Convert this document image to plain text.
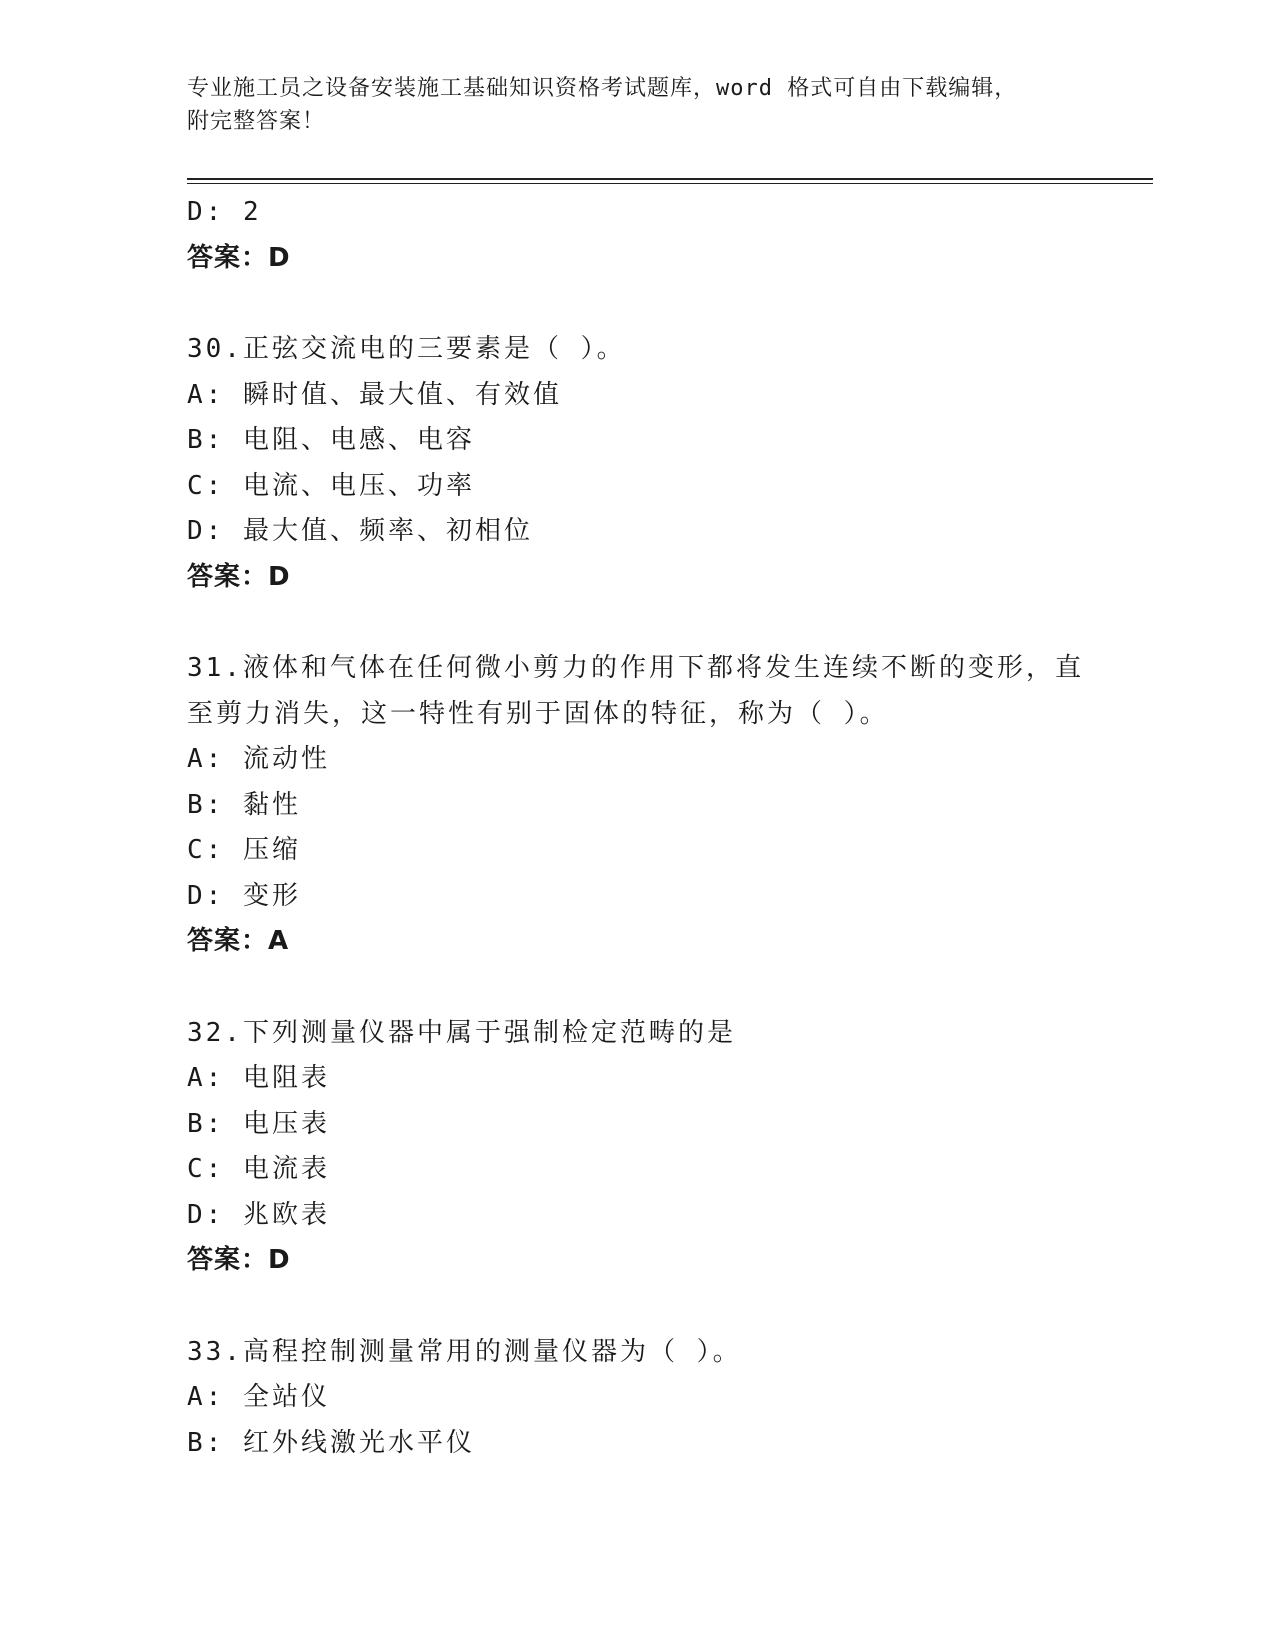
专业施工员之设备安装施工基础知识资格考试题库，word 格式可自由下载编辑，
附完整答案！
D: 2
答案：D
30.正弦交流电的三要素是（ ）。
A: 瞬时值、最大值、有效值
B: 电阻、电感、电容
C: 电流、电压、功率
D: 最大值、频率、初相位
答案：D
31.液体和气体在任何微小剪力的作用下都将发生连续不断的变形，直
至剪力消失，这一特性有别于固体的特征，称为（ ）。
A: 流动性
B: 黏性
C: 压缩
D: 变形
答案：A
32.下列测量仪器中属于强制检定范畴的是
A: 电阻表
B: 电压表
C: 电流表
D: 兆欧表
答案：D
33.高程控制测量常用的测量仪器为（ ）。
A: 全站仪
B: 红外线激光水平仪
